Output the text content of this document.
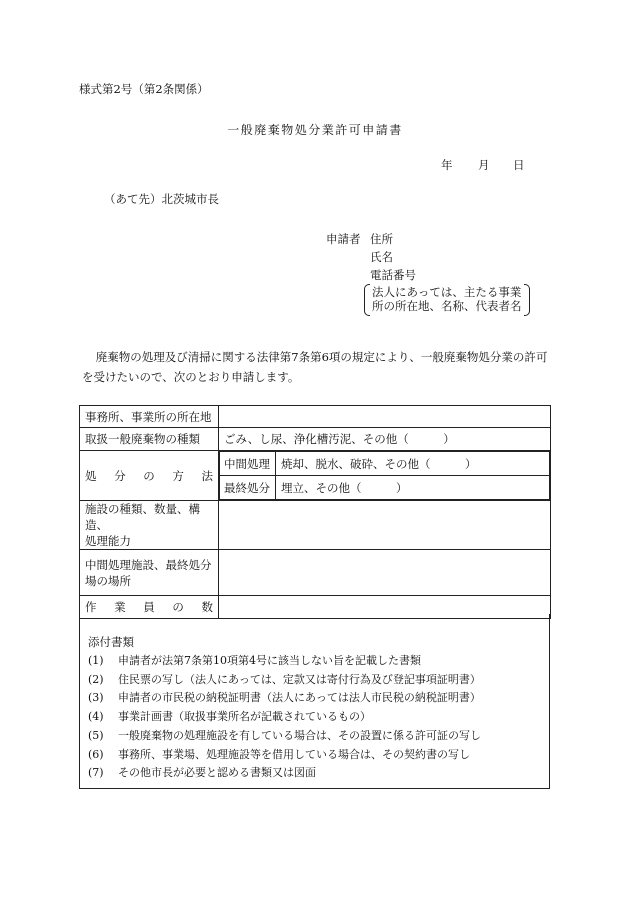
様式第2号（第2条関係）
一般廃棄物処分業許可申請書
年 月 日
（あて先）北茨城市長
申請者 住所
氏名
電話番号
法人にあっては、主たる事業
所の所在地、名称、代表者名

廃棄物の処理及び清掃に関する法律第7条第6項の規定により、一般廃棄物処分業の許可を受けたいので、次のとおり申請します。

事務所、事業所の所在地	
取扱一般廃棄物の種類	ごみ、し尿、浄化槽汚泥、その他（　　　）

処　分　の　方　法

中間処理	焼却、脱水、破砕、その他（　　　）
最終処分	埋立、その他（　　　）

施設の種類、数量、構造、
処理能力

中間処理施設、最終処分
場の場所

作　業　員　の　数

添付書類
(1) 申請者が法第7条第10項第4号に該当しない旨を記載した書類
(2) 住民票の写し（法人にあっては、定款又は寄付行為及び登記事項証明書）
(3) 申請者の市民税の納税証明書（法人にあっては法人市民税の納税証明書）
(4) 事業計画書（取扱事業所名が記載されているもの）
(5) 一般廃棄物の処理施設を有している場合は、その設置に係る許可証の写し
(6) 事務所、事業場、処理施設等を借用している場合は、その契約書の写し
(7) その他市長が必要と認める書類又は図面
